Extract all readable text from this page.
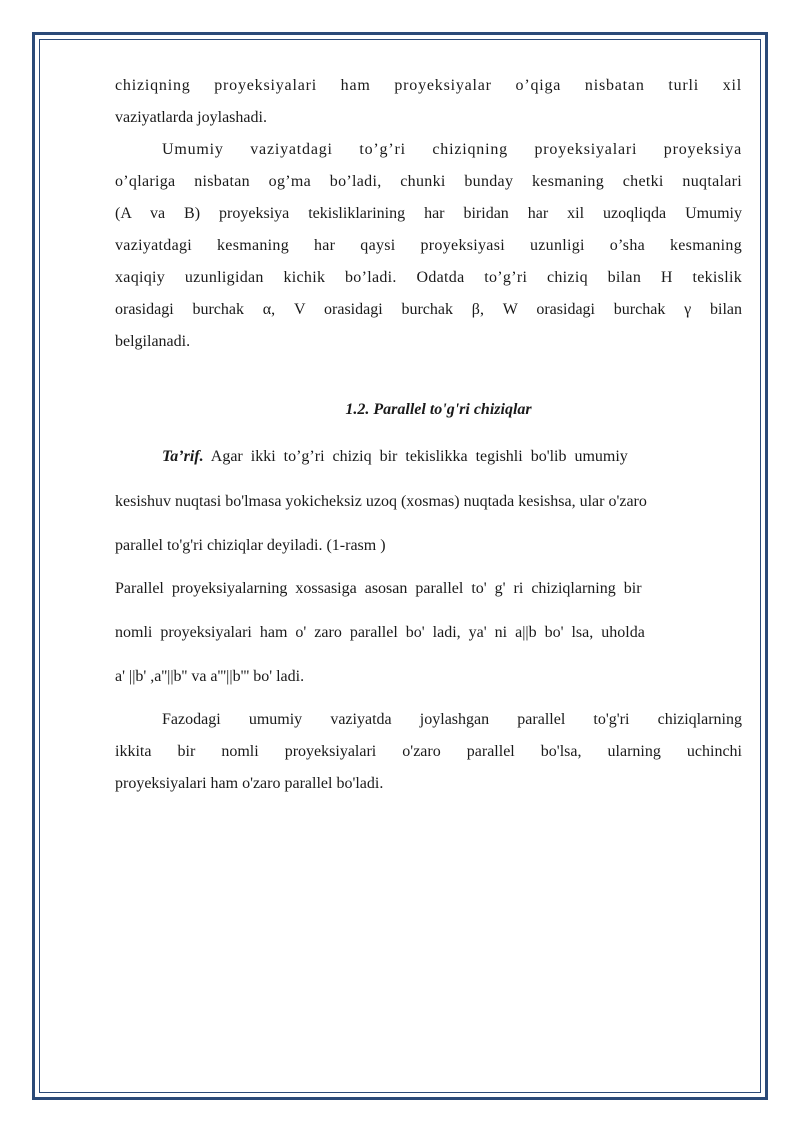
chiziqning proyeksiyalari ham proyeksiyalar o’qiga nisbatan turli xil

vaziyatlarda joylashadi.

Umumiy vaziyatdagi to’g’ri chiziqning proyeksiyalari proyeksiya

o’qlariga nisbatan og’ma bo’ladi, chunki bunday kesmaning chetki nuqtalari

(A va B) proyeksiya tekisliklarining har biridan har xil uzoqliqda Umumiy

vaziyatdagi kesmaning har qaysi proyeksiyasi uzunligi o’sha kesmaning

xaqiqiy uzunligidan kichik bo’ladi. Odatda to’g’ri chiziq bilan H tekislik

orasidagi burchak α, V orasidagi burchak β, W orasidagi burchak γ bilan

belgilanadi.

1.2. Parallel to'g'ri chiziqlar

Ta’rif. Agar ikki to’g’ri chiziq bir tekislikka tegishli bo'lib umumiy

kesishuv nuqtasi bo'lmasa yokicheksiz uzoq (xosmas) nuqtada kesishsa, ular o'zaro

parallel to'g'ri chiziqlar deyiladi. (1-rasm )

Parallel proyeksiyalarning xossasiga asosan parallel to' g' ri chiziqlarning bir

nomli proyeksiyalari ham o' zaro parallel bo' ladi, ya' ni a||b bo' lsa, uholda

a' ||b' ,a''||b'' va a'''||b''' bo' ladi.

Fazodagi umumiy vaziyatda joylashgan parallel to'g'ri chiziqlarning

ikkita bir nomli proyeksiyalari o'zaro parallel bo'lsa, ularning uchinchi

proyeksiyalari ham o'zaro parallel bo'ladi.
